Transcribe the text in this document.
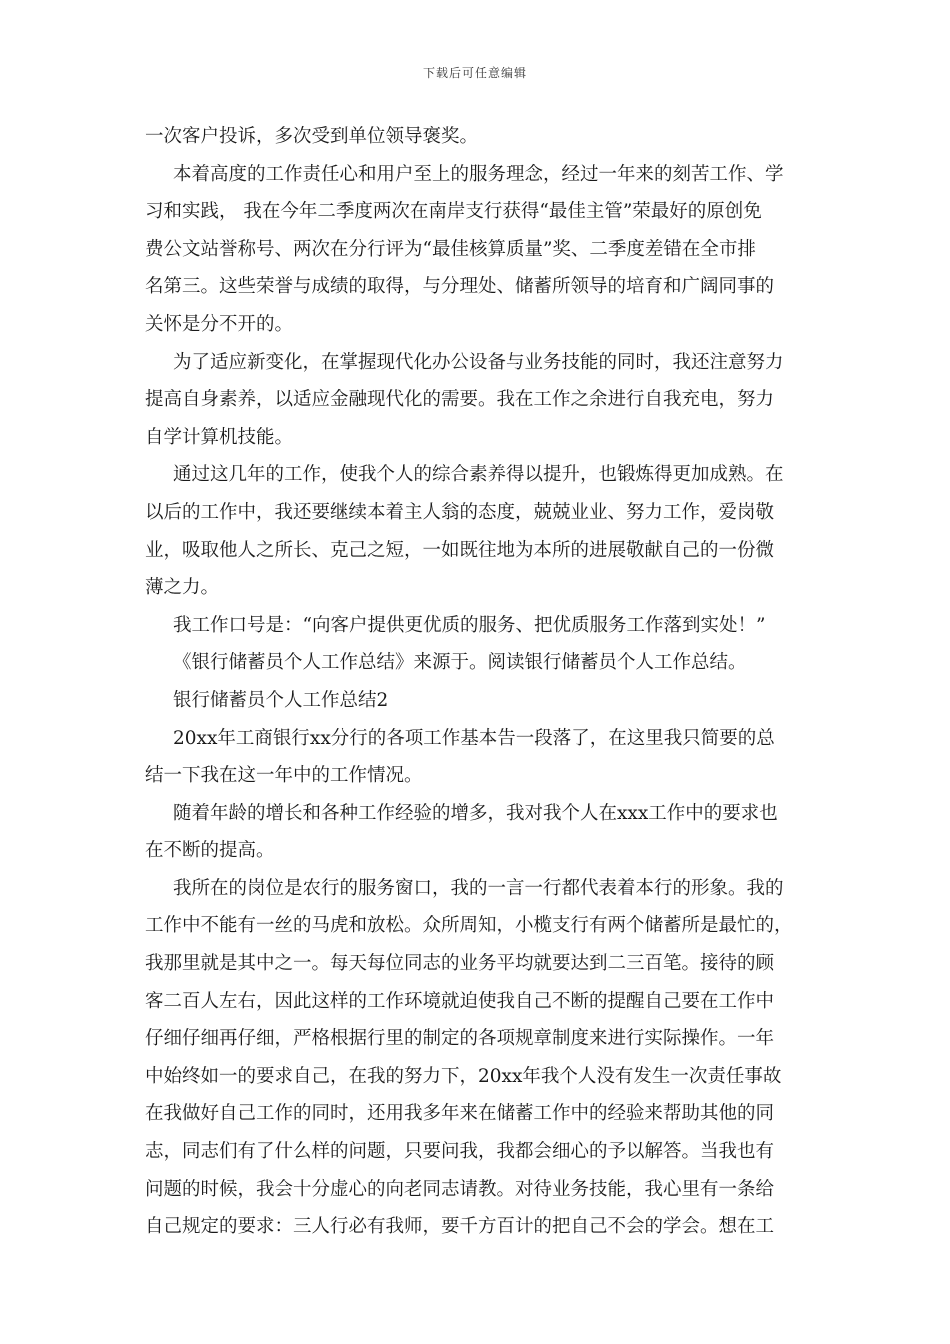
下载后可任意编辑
一次客户投诉，多次受到单位领导褒奖。
本着高度的工作责任心和用户至上的服务理念，经过一年来的刻苦工作、学
习和实践， 我在今年二季度两次在南岸支行获得“最佳主管”荣最好的原创免
费公文站誉称号、两次在分行评为“最佳核算质量”奖、二季度差错在全市排
名第三。这些荣誉与成绩的取得，与分理处、储蓄所领导的培育和广阔同事的
关怀是分不开的。
为了适应新变化，在掌握现代化办公设备与业务技能的同时，我还注意努力
提高自身素养，以适应金融现代化的需要。我在工作之余进行自我充电，努力
自学计算机技能。
通过这几年的工作，使我个人的综合素养得以提升，也锻炼得更加成熟。在
以后的工作中，我还要继续本着主人翁的态度，兢兢业业、努力工作，爱岗敬
业，吸取他人之所长、克己之短，一如既往地为本所的进展敬献自己的一份微
薄之力。
我工作口号是：“向客户提供更优质的服务、把优质服务工作落到实处！”
《银行储蓄员个人工作总结》来源于。阅读银行储蓄员个人工作总结。
银行储蓄员个人工作总结2
20xx年工商银行xx分行的各项工作基本告一段落了，在这里我只简要的总
结一下我在这一年中的工作情况。
随着年龄的增长和各种工作经验的增多，我对我个人在xxx工作中的要求也
在不断的提高。
我所在的岗位是农行的服务窗口，我的一言一行都代表着本行的形象。我的
工作中不能有一丝的马虎和放松。众所周知，小榄支行有两个储蓄所是最忙的，
我那里就是其中之一。每天每位同志的业务平均就要达到二三百笔。接待的顾
客二百人左右，因此这样的工作环境就迫使我自己不断的提醒自己要在工作中
仔细仔细再仔细，严格根据行里的制定的各项规章制度来进行实际操作。一年
中始终如一的要求自己，在我的努力下，20xx年我个人没有发生一次责任事故
在我做好自己工作的同时，还用我多年来在储蓄工作中的经验来帮助其他的同
志，同志们有了什么样的问题，只要问我，我都会细心的予以解答。当我也有
问题的时候，我会十分虚心的向老同志请教。对待业务技能，我心里有一条给
自己规定的要求：三人行必有我师，要千方百计的把自己不会的学会。想在工
